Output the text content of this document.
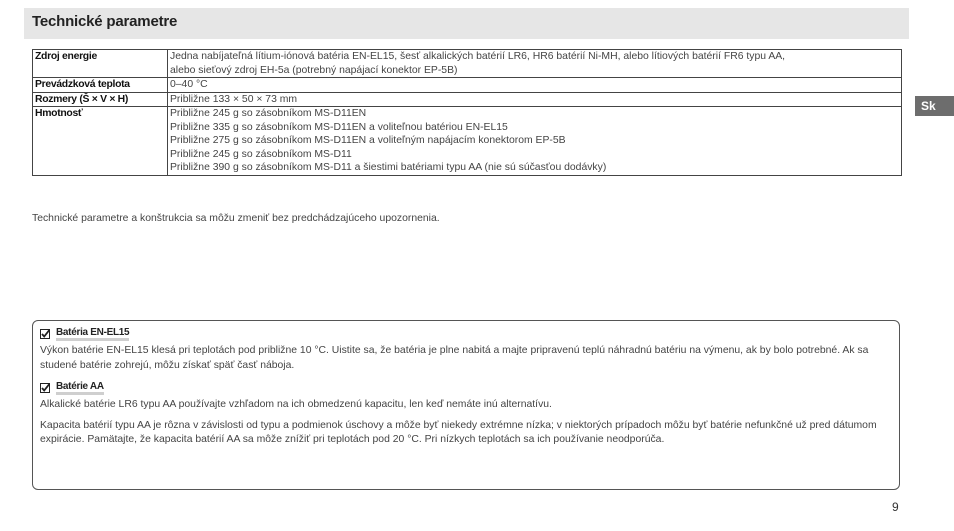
Technické parametre
Sk
Zdroj energie	Jedna nabíjateľná lítium-iónová batéria EN-EL15, šesť alkalických batérií LR6, HR6 batérií Ni-MH, alebo lítiových batérií FR6 typu AA,
alebo sieťový zdroj EH-5a (potrebný napájací konektor EP-5B)

Prevádzková teplota	0–40 °C

Rozmery (Š × V × H)	Približne 133 × 50 × 73 mm

Hmotnosť	Približne 245 g so zásobníkom MS-D11EN
Približne 335 g so zásobníkom MS-D11EN a voliteľnou batériou EN-EL15
Približne 275 g so zásobníkom MS-D11EN a voliteľným napájacím konektorom EP-5B
Približne 245 g so zásobníkom MS-D11
Približne 390 g so zásobníkom MS-D11 a šiestimi batériami typu AA (nie sú súčasťou dodávky)
Technické parametre a konštrukcia sa môžu zmeniť bez predchádzajúceho upozornenia.
Batéria EN-EL15

Výkon batérie EN-EL15 klesá pri teplotách pod približne 10 °C. Uistite sa, že batéria je plne nabitá a majte pripravenú teplú náhradnú batériu na výmenu, ak by bolo potrebné. Ak sa studené batérie zohrejú, môžu získať späť časť náboja.

Batérie AA

Alkalické batérie LR6 typu AA používajte vzhľadom na ich obmedzenú kapacitu, len keď nemáte inú alternatívu.

Kapacita batérií typu AA je rôzna v závislosti od typu a podmienok úschovy a môže byť niekedy extrémne nízka; v niektorých prípadoch môžu byť batérie nefunkčné už pred dátumom expirácie. Pamätajte, že kapacita batérií AA sa môže znížiť pri teplotách pod 20 °C. Pri nízkych teplotách sa ich používanie neodporúča.

9
